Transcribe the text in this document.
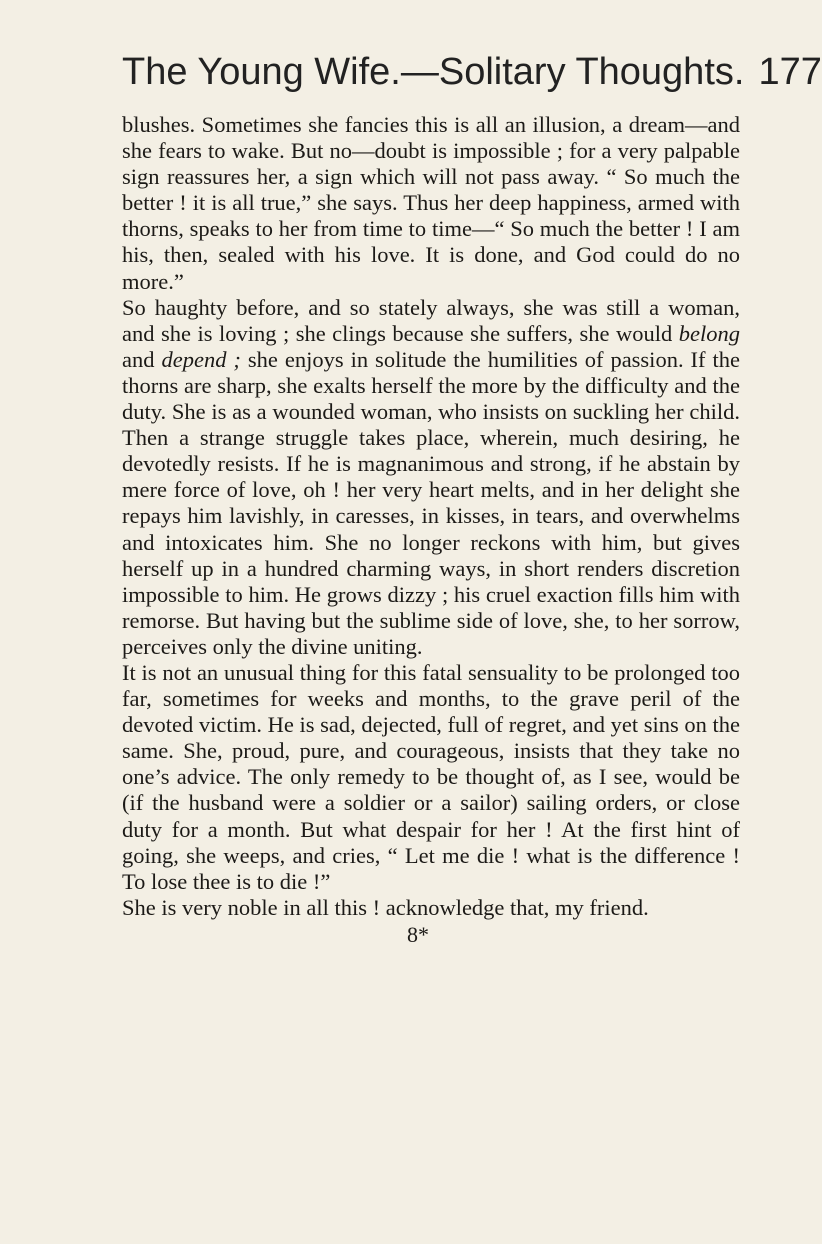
The Young Wife.—Solitary Thoughts. 177

blushes. Sometimes she fancies this is all an illusion, a dream—and she fears to wake. But no—doubt is impossible ; for a very palpable sign reassures her, a sign which will not pass away. “ So much the better ! it is all true,” she says. Thus her deep happiness, armed with thorns, speaks to her from time to time—“ So much the better ! I am his, then, sealed with his love. It is done, and God could do no more.”

So haughty before, and so stately always, she was still a woman, and she is loving ; she clings because she suffers, she would belong and depend ; she enjoys in solitude the humilities of passion. If the thorns are sharp, she exalts herself the more by the difficulty and the duty. She is as a wounded woman, who insists on suckling her child. Then a strange struggle takes place, wherein, much desiring, he devotedly resists. If he is magnanimous and strong, if he abstain by mere force of love, oh ! her very heart melts, and in her delight she repays him lavishly, in caresses, in kisses, in tears, and overwhelms and intoxicates him. She no longer reckons with him, but gives herself up in a hundred charming ways, in short renders discretion impossible to him. He grows dizzy ; his cruel exaction fills him with remorse. But having but the sublime side of love, she, to her sorrow, perceives only the divine uniting.

It is not an unusual thing for this fatal sensuality to be prolonged too far, sometimes for weeks and months, to the grave peril of the devoted victim. He is sad, dejected, full of regret, and yet sins on the same. She, proud, pure, and courageous, insists that they take no one’s advice. The only remedy to be thought of, as I see, would be (if the husband were a soldier or a sailor) sailing orders, or close duty for a month. But what despair for her ! At the first hint of going, she weeps, and cries, “ Let me die ! what is the difference ! To lose thee is to die !”

She is very noble in all this ! acknowledge that, my friend.

8*
